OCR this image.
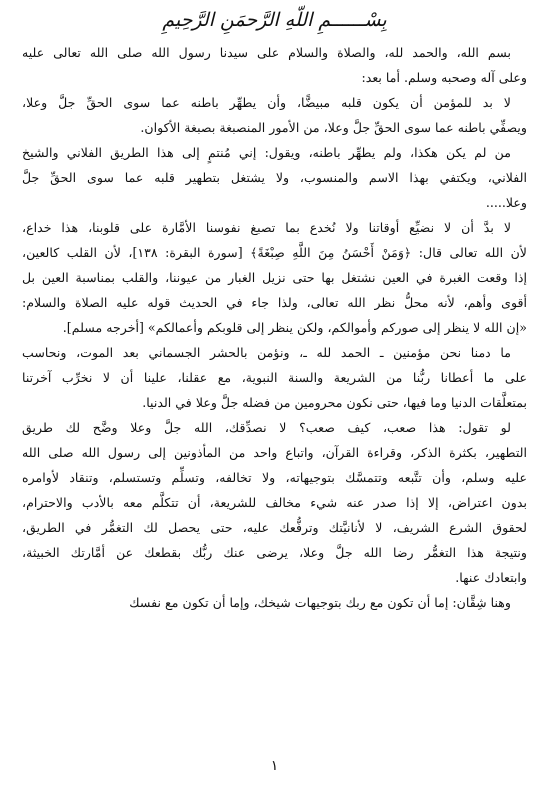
بِسْــــــمِ اللّهِ الرَّحمَنِ الرَّحِيمِ
بسم الله، والحمد لله، والصلاة والسلام على سيدنا رسول الله صلى الله تعالى عليه
وعلى آله وصحبه وسلم. أما بعد:
لا بد للمؤمن أن يكون قلبه مبيضًّا، وأن يطهِّر باطنه عما سوى الحقِّ جلَّ وعلا،
ويصفِّي باطنه عما سوى الحقِّ جلَّ وعلا، من الأمور المنصبغة بصبغة الأكوان.
من لم يكن هكذا، ولم يطهِّر باطنه، ويقول: إني مُنتمٍ إلى هذا الطريق الفلاني والشيخ
الفلاني، ويكتفي بهذا الاسم والمنسوب، ولا يشتغل بتطهير قلبه عما سوى الحقِّ جلَّ
وعلا.....
لا بدَّ أن لا نضيِّع أوقاتنا ولا نُخدع بما تصبغ نفوسنا الأمَّارة على قلوبنا، هذا خداع،
لأن الله تعالى قال: ﴿وَمَنْ أَحْسَنُ مِنَ اللَّهِ صِبْغَةً﴾ [سورة البقرة: ١٣٨]، لأن القلب كالعين،
إذا وقعت الغبرة في العين نشتغل بها حتى نزيل الغبار من عيوننا، والقلب بمناسبة العين بل
أقوى وأهم، لأنه محلُّ نظر الله تعالى، ولذا جاء في الحديث قوله عليه الصلاة والسلام:
«إن الله لا ينظر إلى صوركم وأموالكم، ولكن ينظر إلى قلوبكم وأعمالكم» [أخرجه مسلم].
ما دمنا نحن مؤمنين ـ الحمد لله ـ، ونؤمن بالحشر الجسماني بعد الموت، ونحاسب
على ما أعطانا ربُّنا من الشريعة والسنة النبوية، مع عقلنا، علينا أن لا نخرِّب آخرتنا
بمتعلَّقات الدنيا وما فيها، حتى نكون محرومين من فضله جلَّ وعلا في الدنيا.
لو تقول: هذا صعب، كيف صعب؟ لا نصدِّقك، الله جلَّ وعلا وضَّح لك طريق
التطهير، بكثرة الذكر، وقراءة القرآن، واتباع واحد من المأذونين إلى رسول الله صلى الله
عليه وسلم، وأن تتَّبعه وتتمسَّك بتوجيهاته، ولا تخالفه، وتسلِّم وتستسلم، وتنقاد لأوامره
بدون اعتراض، إلا إذا صدر عنه شيء مخالف للشريعة، أن تتكلَّم معه بالأدب والاحترام،
لحقوق الشرع الشريف، لا لأنانيَّتك وترفُّعك عليه، حتى يحصل لك التغمُّر في الطريق،
ونتيجة هذا التغمُّر رضا الله جلَّ وعلا، يرضى عنك ربُّك بقطعك عن أمَّارتك الخبيثة،
وابتعادك عنها.
وهنا شِقَّان: إما أن تكون مع ربك بتوجيهات شيخك، وإما أن تكون مع نفسك
١
